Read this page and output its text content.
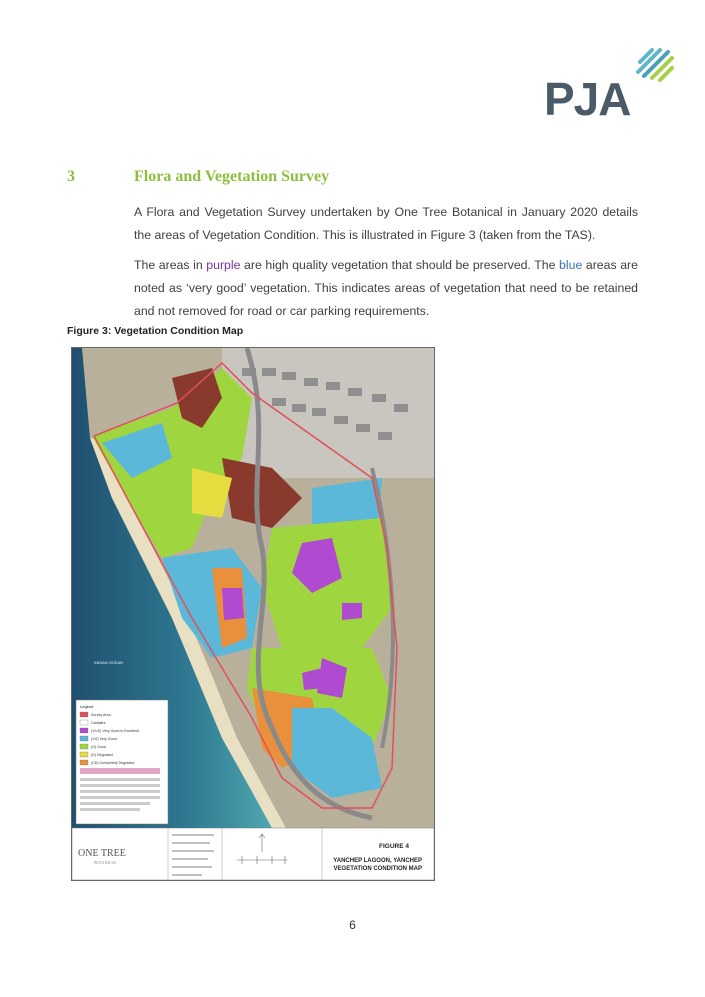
PJA
3	Flora and Vegetation Survey

A Flora and Vegetation Survey undertaken by One Tree Botanical in January 2020 details the areas of Vegetation Condition. This is illustrated in Figure 3 (taken from the TAS).

The areas in purple are high quality vegetation that should be preserved. The blue areas are noted as ‘very good’ vegetation. This indicates areas of vegetation that need to be retained and not removed for road or car parking requirements.

Figure 3: Vegetation Condition Map
INDIAN OCEAN
Legend
Survey Area
Cadastre
(Vh-E) Very Good to Excellent
(VG) Very Good
(G) Good
(D) Degraded
(CD) Completely Degraded
ONE TREE
BOTANICAL
FIGURE 4
YANCHEP LAGOON, YANCHEP
VEGETATION CONDITION MAP
6
